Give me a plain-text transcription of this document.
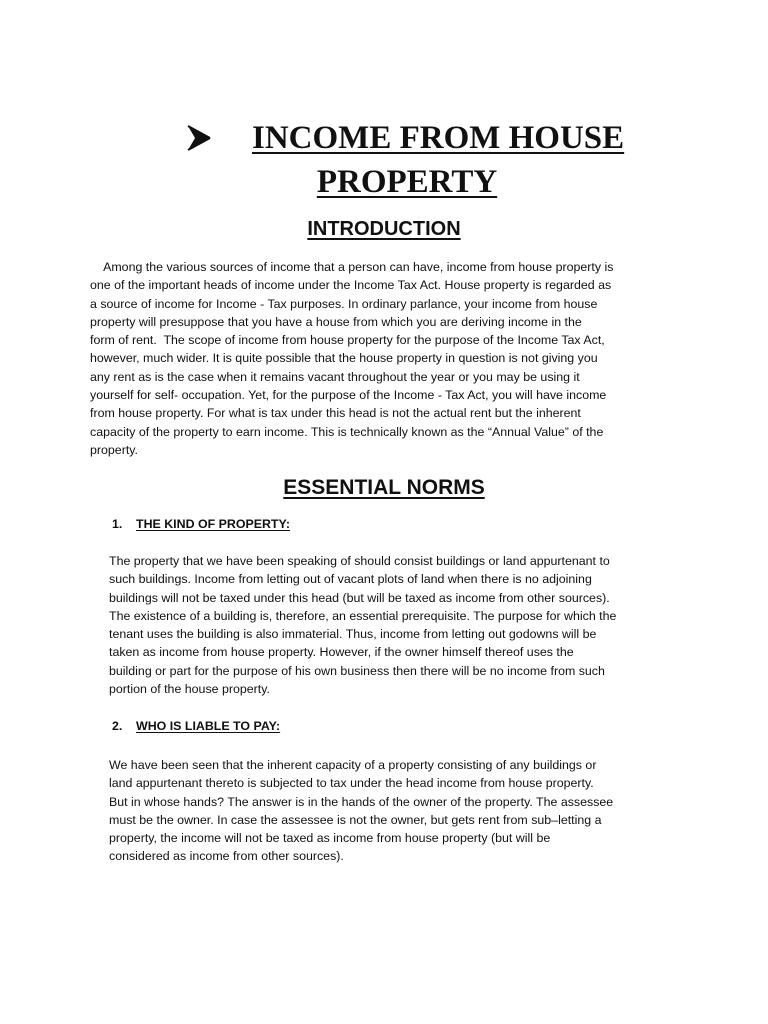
INCOME FROM HOUSE
PROPERTY
INTRODUCTION
Among the various sources of income that a person can have, income from house property is
one of the important heads of income under the Income Tax Act. House property is regarded as
a source of income for Income - Tax purposes. In ordinary parlance, your income from house
property will presuppose that you have a house from which you are deriving income in the
form of rent.  The scope of income from house property for the purpose of the Income Tax Act,
however, much wider. It is quite possible that the house property in question is not giving you
any rent as is the case when it remains vacant throughout the year or you may be using it
yourself for self- occupation. Yet, for the purpose of the Income - Tax Act, you will have income
from house property. For what is tax under this head is not the actual rent but the inherent
capacity of the property to earn income. This is technically known as the “Annual Value” of the
property.
ESSENTIAL NORMS
1. THE KIND OF PROPERTY:
The property that we have been speaking of should consist buildings or land appurtenant to
such buildings. Income from letting out of vacant plots of land when there is no adjoining
buildings will not be taxed under this head (but will be taxed as income from other sources).
The existence of a building is, therefore, an essential prerequisite. The purpose for which the
tenant uses the building is also immaterial. Thus, income from letting out godowns will be
taken as income from house property. However, if the owner himself thereof uses the
building or part for the purpose of his own business then there will be no income from such
portion of the house property.
2. WHO IS LIABLE TO PAY:
We have been seen that the inherent capacity of a property consisting of any buildings or
land appurtenant thereto is subjected to tax under the head income from house property.
But in whose hands? The answer is in the hands of the owner of the property. The assessee
must be the owner. In case the assessee is not the owner, but gets rent from sub–letting a
property, the income will not be taxed as income from house property (but will be
considered as income from other sources).
